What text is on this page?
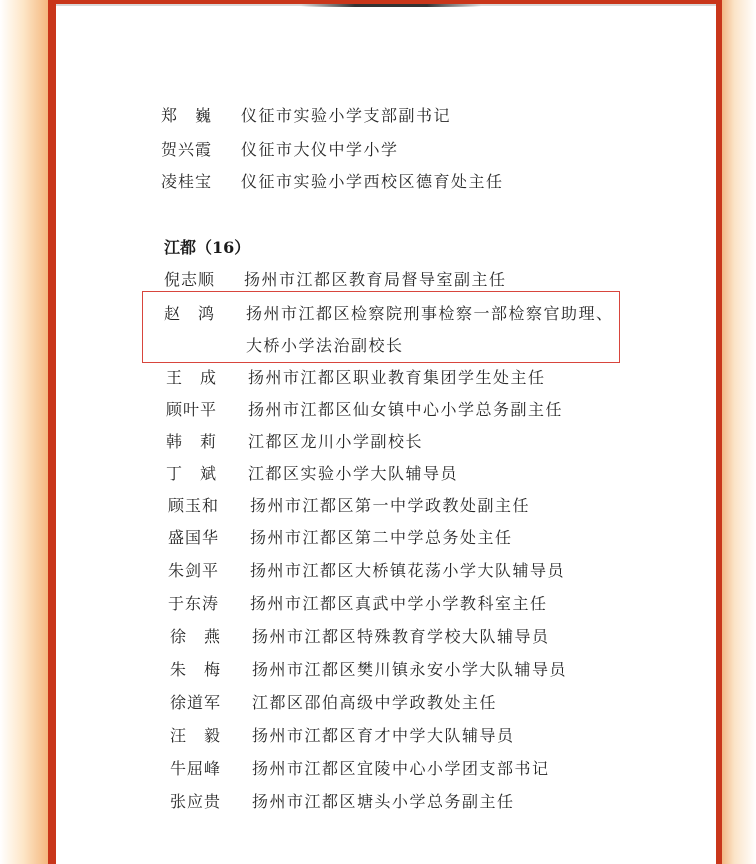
郑　巍	仪征市实验小学支部副书记
贺兴霞	仪征市大仪中学小学
凌桂宝	仪征市实验小学西校区德育处主任
江都（16）
倪志顺	扬州市江都区教育局督导室副主任
赵　鸿	扬州市江都区检察院刑事检察一部检察官助理、
大桥小学法治副校长
王　成	扬州市江都区职业教育集团学生处主任
顾叶平	扬州市江都区仙女镇中心小学总务副主任
韩　莉	江都区龙川小学副校长
丁　斌	江都区实验小学大队辅导员
顾玉和	扬州市江都区第一中学政教处副主任
盛国华	扬州市江都区第二中学总务处主任
朱剑平	扬州市江都区大桥镇花荡小学大队辅导员
于东涛	扬州市江都区真武中学小学教科室主任
徐　燕	扬州市江都区特殊教育学校大队辅导员
朱　梅	扬州市江都区樊川镇永安小学大队辅导员
徐道军	江都区邵伯高级中学政教处主任
汪　毅	扬州市江都区育才中学大队辅导员
牛屈峰	扬州市江都区宜陵中心小学团支部书记
张应贵	扬州市江都区塘头小学总务副主任
